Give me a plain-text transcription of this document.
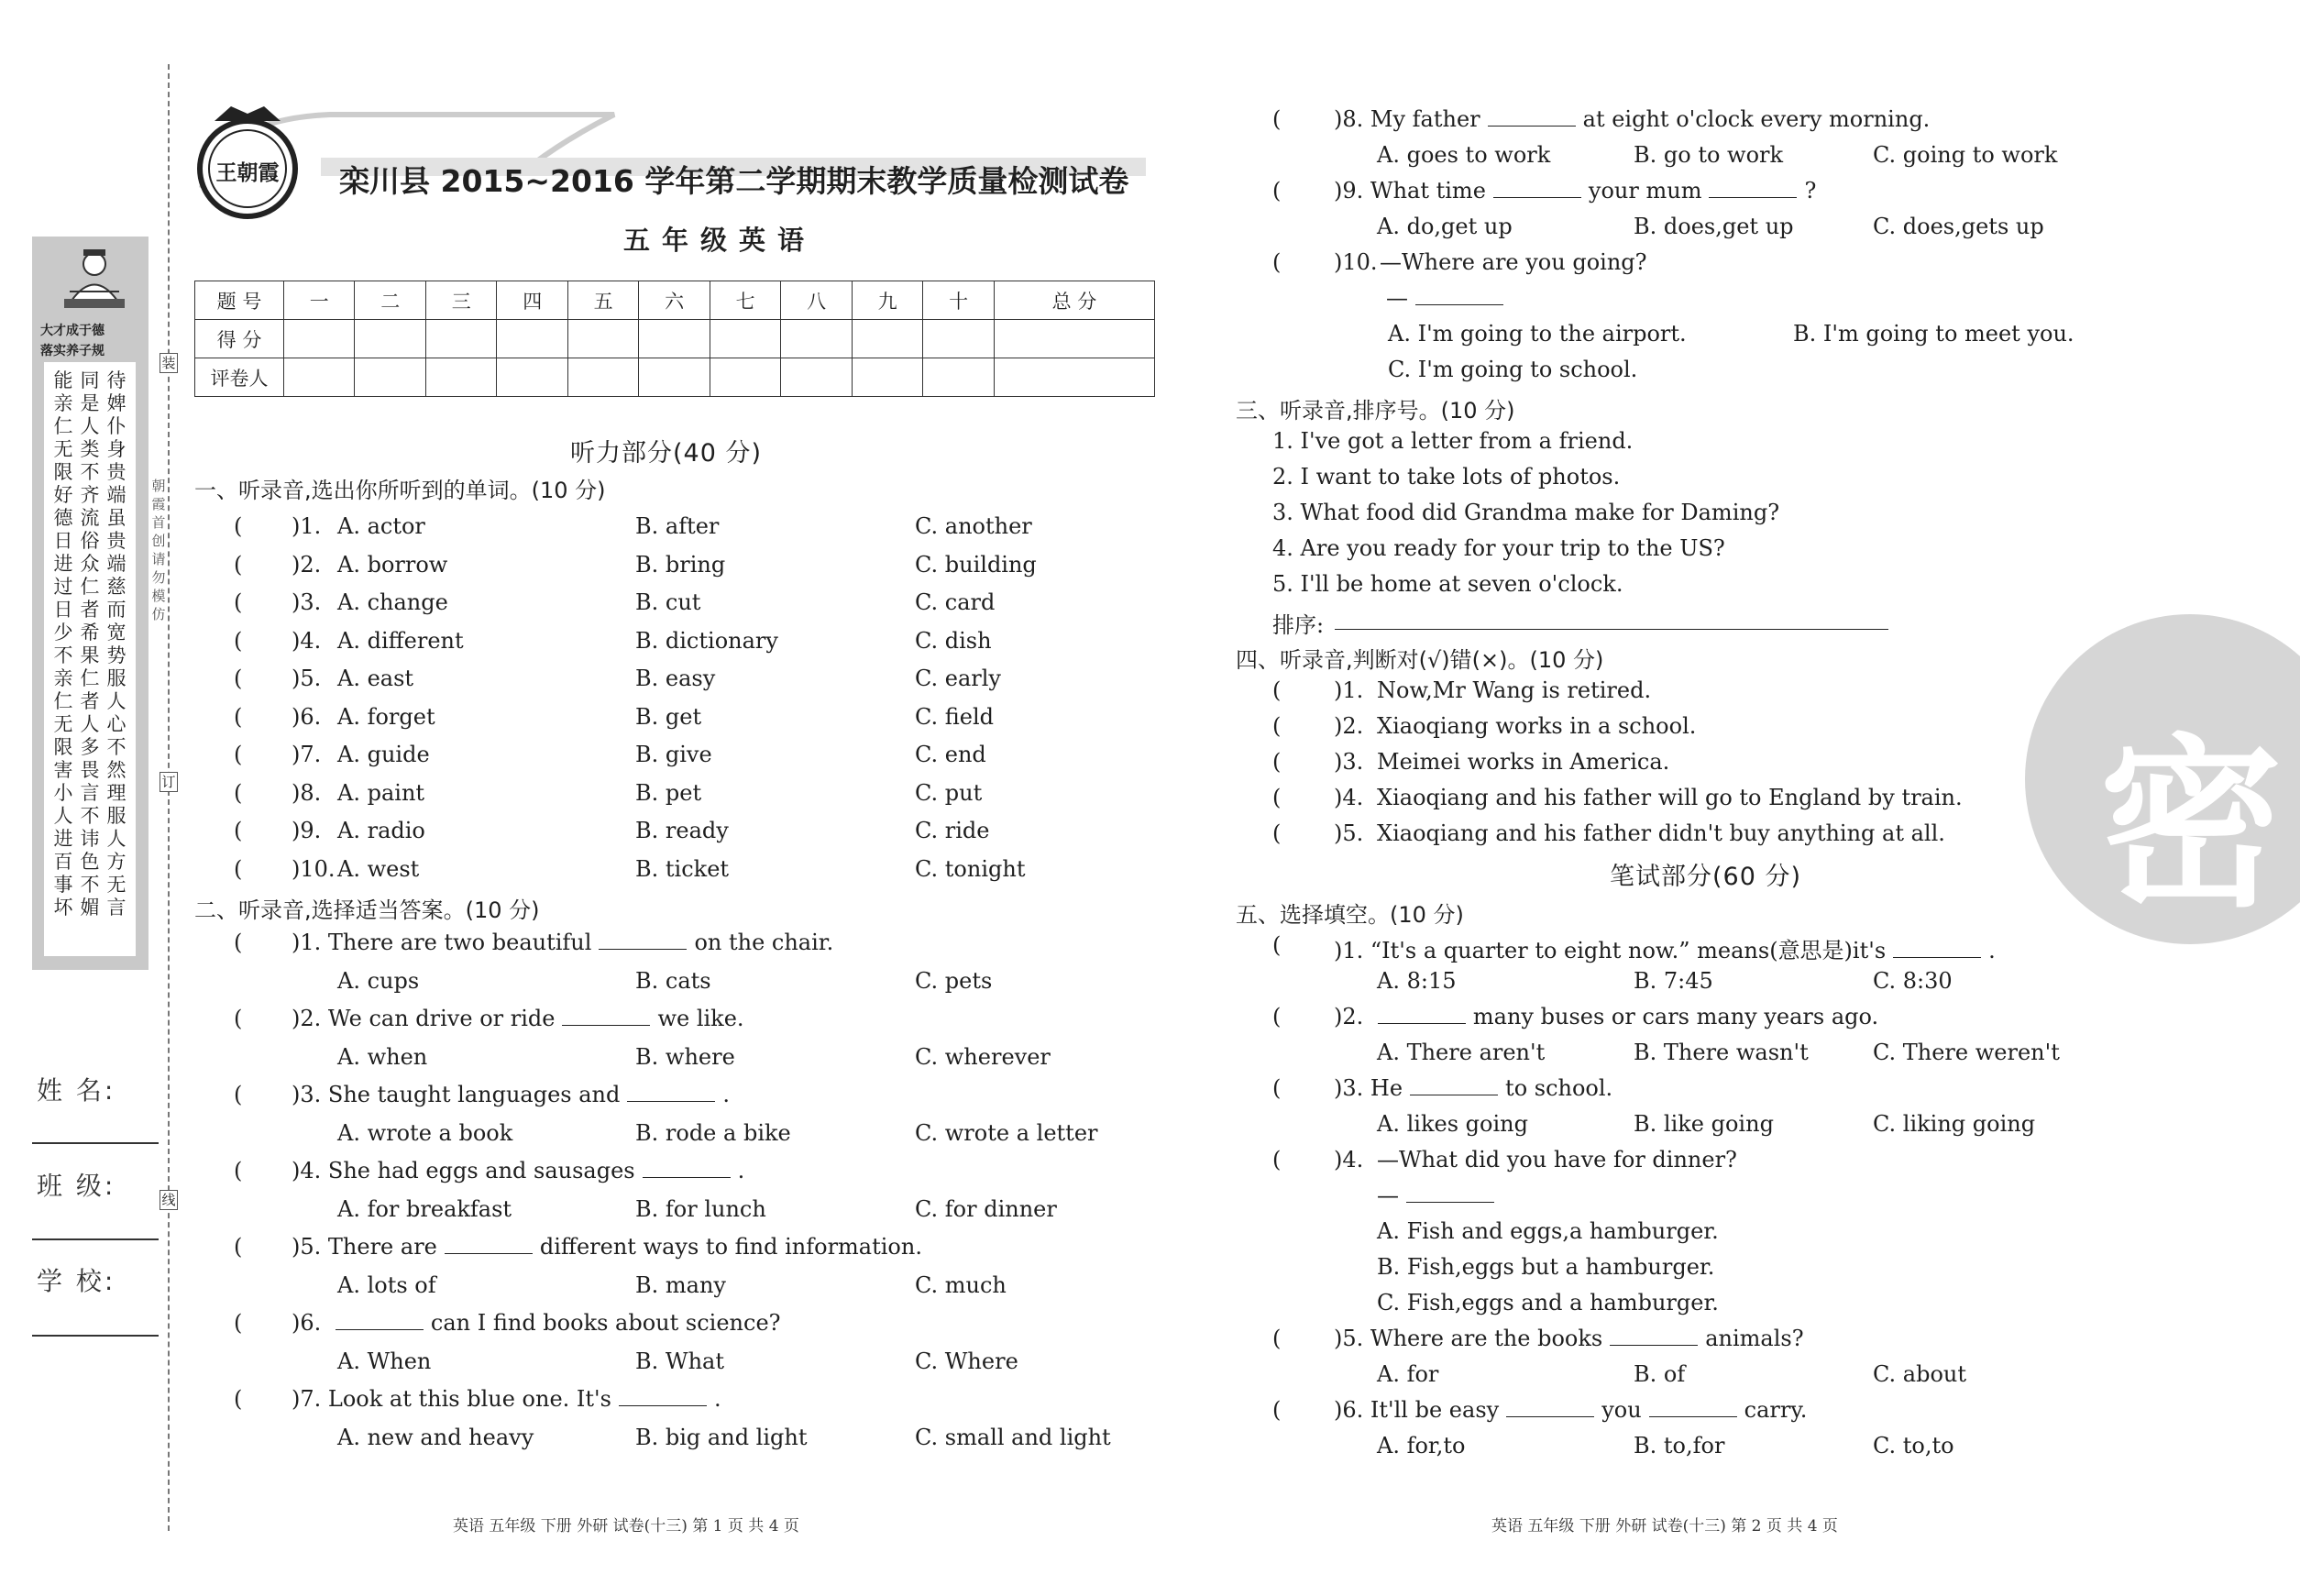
大才成于德
落实养子规
能亲仁 无限好 德日进 过日少 不亲仁 无限害 小人进 百事坏
同是人 类不齐 流俗众 仁者希 果仁者 人多畏 言不讳 色不媚
待婢仆 身贵端 虽贵端 慈而宽 势服人 心不然 理服人 方无言
装
订
线
朝霞首创 请勿模仿
姓 名:
班 级:
学 校:
王朝霞 栾川县 2015~2016 学年第二学期期末教学质量检测试卷
五年级英语
题 号	一	二	三	四	五	六	七	八	九	十	总 分
得 分											
评卷人											
听力部分(40 分)
一、听录音,选出你所听到的单词。(10 分)
二、听录音,选择适当答案。(10 分)
三、听录音,排序号。(10 分)
排序:
四、听录音,判断对(√)错(×)。(10 分)
笔试部分(60 分)
五、选择填空。(10 分)	密
英语 五年级 下册 外研 试卷(十三) 第 1 页 共 4 页	英语 五年级 下册 外研 试卷(十三) 第 2 页 共 4 页
( )1. A. actor	B. after	C. another
( )2. A. borrow	B. bring	C. building
( )3. A. change	B. cut	C. card
( )4. A. different	B. dictionary	C. dish
( )5. A. east	B. easy	C. early
( )6. A. forget	B. get	C. field
( )7. A. guide	B. give	C. end
( )8. A. paint	B. pet	C. put
( )9. A. radio	B. ready	C. ride
( )10. A. west	B. ticket	C. tonight
( )1. There are two beautiful	on the chair.
A. cups	B. cats	C. pets
( )2. We can drive or ride	we like.
A. when	B. where	C. wherever
( )3. She taught languages and	.
A. wrote a book	B. rode a bike	C. wrote a letter
( )4. She had eggs and sausages	.
A. for breakfast	B. for lunch	C. for dinner
( )5. There are	different ways to find information.
A. lots of	B. many	C. much
( )6.	can I find books about science?
A. When	B. What	C. Where
( )7. Look at this blue one. It's	.
A. new and heavy	B. big and light	C. small and light
( )8. My father	at eight o'clock every morning.
A. goes to work	B. go to work	C. going to work
( )9. What time	your mum	?
A. do,get up	B. does,get up	C. does,gets up
( )10. —Where are you going?
—
A. I'm going to the airport.	B. I'm going to meet you.
C. I'm going to school.
1. I've got a letter from a friend.
2. I want to take lots of photos.
3. What food did Grandma make for Daming?
4. Are you ready for your trip to the US?
5. I'll be home at seven o'clock.
( )1. Now,Mr Wang is retired.
( )2. Xiaoqiang works in a school.
( )3. Meimei works in America.
( )4. Xiaoqiang and his father will go to England by train.
( )5. Xiaoqiang and his father didn't buy anything at all.
( )1. “It's a quarter to eight now.” means(意思是)it's	.
A. 8:15	B. 7:45	C. 8:30
( )2.	many buses or cars many years ago.
A. There aren't	B. There wasn't	C. There weren't
( )3. He	to school.
A. likes going	B. like going	C. liking going
( )4. —What did you have for dinner?
—
A. Fish and eggs,a hamburger.
B. Fish,eggs but a hamburger.
C. Fish,eggs and a hamburger.
( )5. Where are the books	animals?
A. for	B. of	C. about
( )6. It'll be easy	you	carry.
A. for,to	B. to,for	C. to,to
